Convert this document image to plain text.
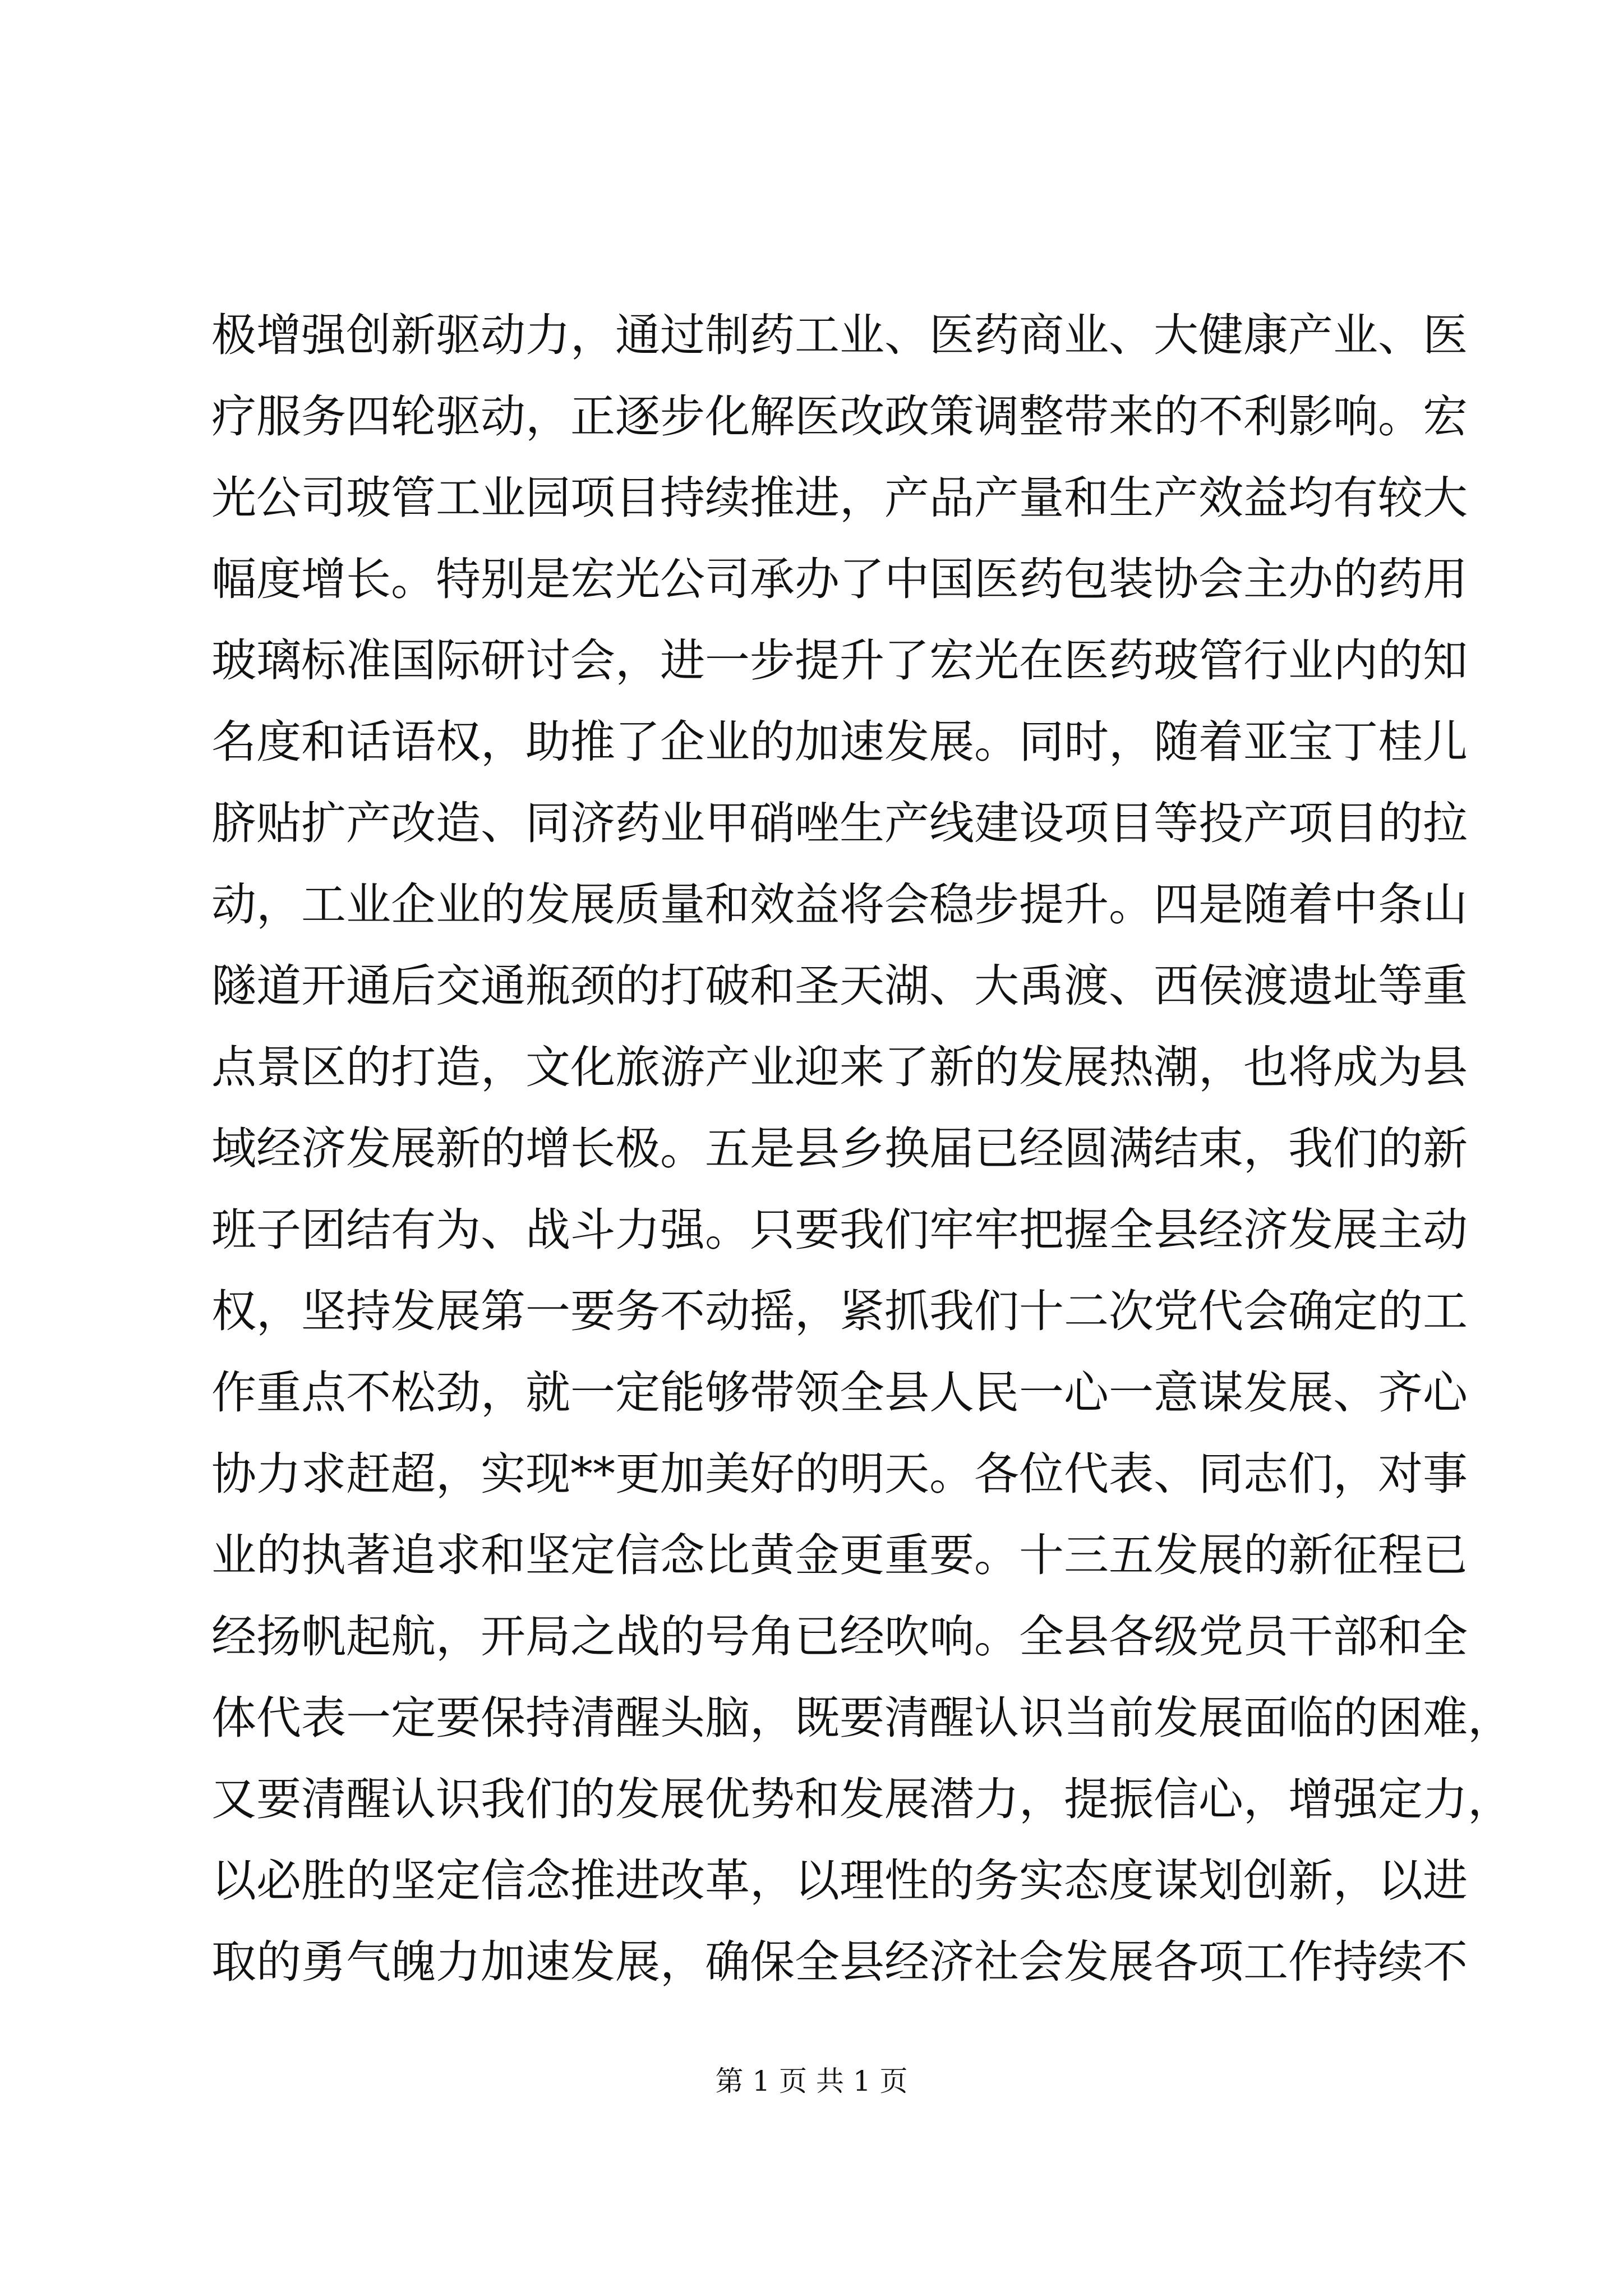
极增强创新驱动力，通过制药工业、医药商业、大健康产业、医
疗服务四轮驱动，正逐步化解医改政策调整带来的不利影响。宏
光公司玻管工业园项目持续推进，产品产量和生产效益均有较大
幅度增长。特别是宏光公司承办了中国医药包装协会主办的药用
玻璃标准国际研讨会，进一步提升了宏光在医药玻管行业内的知
名度和话语权，助推了企业的加速发展。同时，随着亚宝丁桂儿
脐贴扩产改造、同济药业甲硝唑生产线建设项目等投产项目的拉
动，工业企业的发展质量和效益将会稳步提升。四是随着中条山
隧道开通后交通瓶颈的打破和圣天湖、大禹渡、西侯渡遗址等重
点景区的打造，文化旅游产业迎来了新的发展热潮，也将成为县
域经济发展新的增长极。五是县乡换届已经圆满结束，我们的新
班子团结有为、战斗力强。只要我们牢牢把握全县经济发展主动
权，坚持发展第一要务不动摇，紧抓我们十二次党代会确定的工
作重点不松劲，就一定能够带领全县人民一心一意谋发展、齐心
协力求赶超，实现**更加美好的明天。各位代表、同志们，对事
业的执著追求和坚定信念比黄金更重要。十三五发展的新征程已
经扬帆起航，开局之战的号角已经吹响。全县各级党员干部和全
体代表一定要保持清醒头脑，既要清醒认识当前发展面临的困难，
又要清醒认识我们的发展优势和发展潜力，提振信心，增强定力，
以必胜的坚定信念推进改革，以理性的务实态度谋划创新，以进
取的勇气魄力加速发展，确保全县经济社会发展各项工作持续不
第 1 页 共 1 页
